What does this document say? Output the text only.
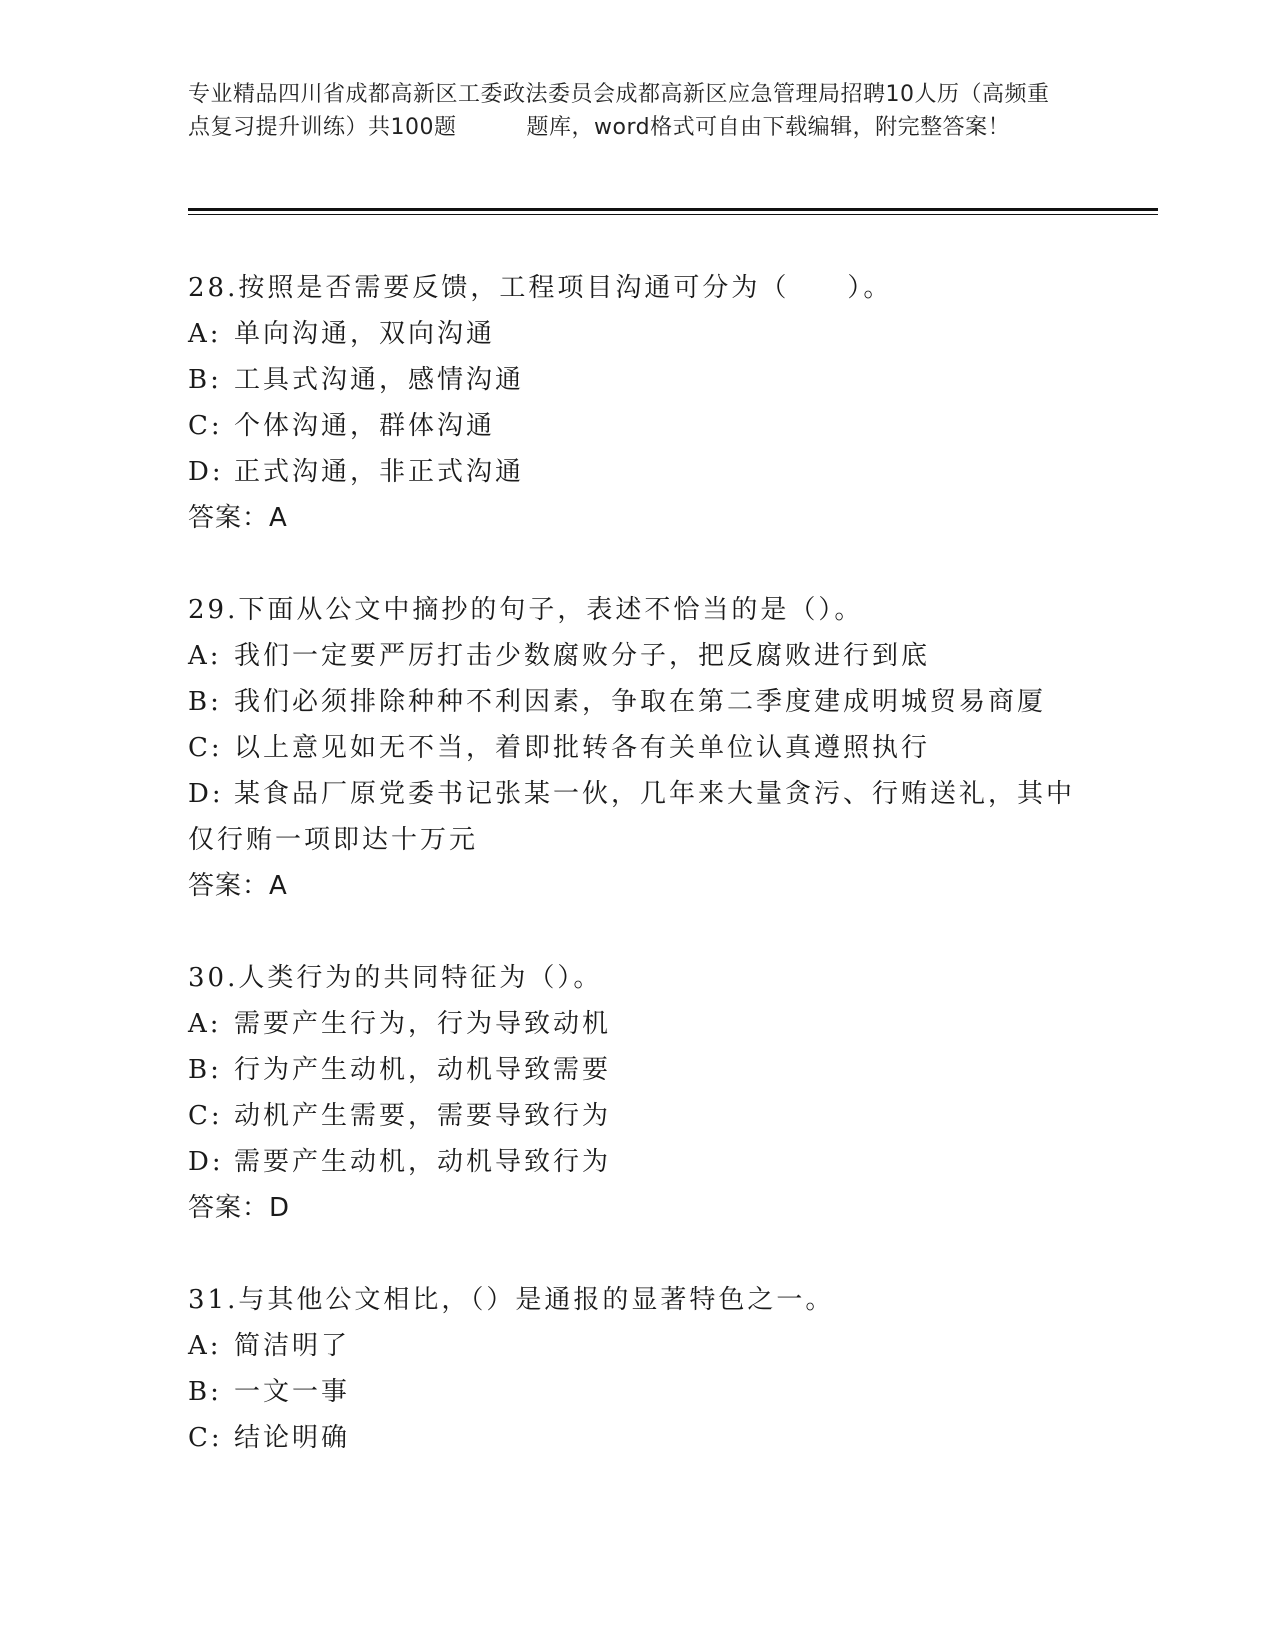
专业精品四川省成都高新区工委政法委员会成都高新区应急管理局招聘10人历（高频重点复习提升训练）共100题	题库，word格式可自由下载编辑，附完整答案！
28.按照是否需要反馈，工程项目沟通可分为（　　）。
A: 单向沟通，双向沟通
B: 工具式沟通，感情沟通
C: 个体沟通，群体沟通
D: 正式沟通，非正式沟通
答案：A
29.下面从公文中摘抄的句子，表述不恰当的是（）。
A: 我们一定要严厉打击少数腐败分子，把反腐败进行到底
B: 我们必须排除种种不利因素，争取在第二季度建成明城贸易商厦
C: 以上意见如无不当，着即批转各有关单位认真遵照执行
D: 某食品厂原党委书记张某一伙，几年来大量贪污、行贿送礼，其中仅行贿一项即达十万元
答案：A
30.人类行为的共同特征为（）。
A: 需要产生行为，行为导致动机
B: 行为产生动机，动机导致需要
C: 动机产生需要，需要导致行为
D: 需要产生动机，动机导致行为
答案：D
31.与其他公文相比，（）是通报的显著特色之一。
A: 简洁明了
B: 一文一事
C: 结论明确
